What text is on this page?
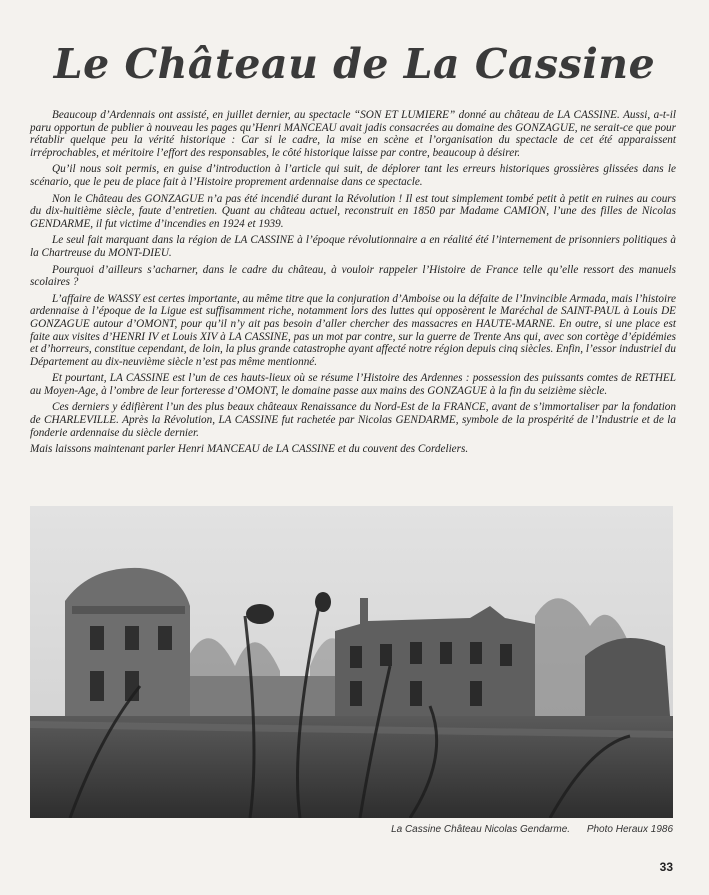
Le Château de La Cassine

Beaucoup d’Ardennais ont assisté, en juillet dernier, au spectacle “SON ET LUMIERE” donné au château de LA CASSINE. Aussi, a-t-il paru opportun de publier à nouveau les pages qu’Henri MANCEAU avait jadis consacrées au domaine des GONZAGUE, ne serait-ce que pour rétablir quelque peu la vérité historique : Car si le cadre, la mise en scène et l’organisation du spectacle de cet été apparaissent irréprochables, et méritoire l’effort des responsables, le côté historique laisse par contre, beaucoup à désirer.

Qu’il nous soit permis, en guise d’introduction à l’article qui suit, de déplorer tant les erreurs historiques grossières glissées dans le scénario, que le peu de place fait à l’Histoire proprement ardennaise dans ce spectacle.

Non le Château des GONZAGUE n’a pas été incendié durant la Révolution ! Il est tout simplement tombé petit à petit en ruines au cours du dix-huitième siècle, faute d’entretien. Quant au château actuel, reconstruit en 1850 par Madame CAMION, l’une des filles de Nicolas GENDARME, il fut victime d’incendies en 1924 et 1939.

Le seul fait marquant dans la région de LA CASSINE à l’époque révolutionnaire a en réalité été l’internement de prisonniers politiques à la Chartreuse du MONT-DIEU.

Pourquoi d’ailleurs s’acharner, dans le cadre du château, à vouloir rappeler l’Histoire de France telle qu’elle ressort des manuels scolaires ?

L’affaire de WASSY est certes importante, au même titre que la conjuration d’Amboise ou la défaite de l’Invincible Armada, mais l’histoire ardennaise à l’époque de la Ligue est suffisamment riche, notamment lors des luttes qui opposèrent le Maréchal de SAINT-PAUL à Louis DE GONZAGUE autour d’OMONT, pour qu’il n’y ait pas besoin d’aller chercher des massacres en HAUTE-MARNE. En outre, si une place est faite aux visites d’HENRI IV et Louis XIV à LA CASSINE, pas un mot par contre, sur la guerre de Trente Ans qui, avec son cortège d’épidémies et d’horreurs, constitue cependant, de loin, la plus grande catastrophe ayant affecté notre région depuis cinq siècles. Enfin, l’essor industriel du Département au dix-neuvième siècle n’est pas même mentionné.

Et pourtant, LA CASSINE est l’un de ces hauts-lieux où se résume l’Histoire des Ardennes : possession des puissants comtes de RETHEL au Moyen-Age, à l’ombre de leur forteresse d’OMONT, le domaine passe aux mains des GONZAGUE à la fin du seizième siècle.

Ces derniers y édifièrent l’un des plus beaux châteaux Renaissance du Nord-Est de la FRANCE, avant de s’immortaliser par la fondation de CHARLEVILLE. Après la Révolution, LA CASSINE fut rachetée par Nicolas GENDARME, symbole de la prospérité de l’Industrie et de la fonderie ardennaise du siècle dernier.

Mais laissons maintenant parler Henri MANCEAU de LA CASSINE et du couvent des Cordeliers.

La Cassine Château Nicolas Gendarme. Photo Heraux 1986
33
